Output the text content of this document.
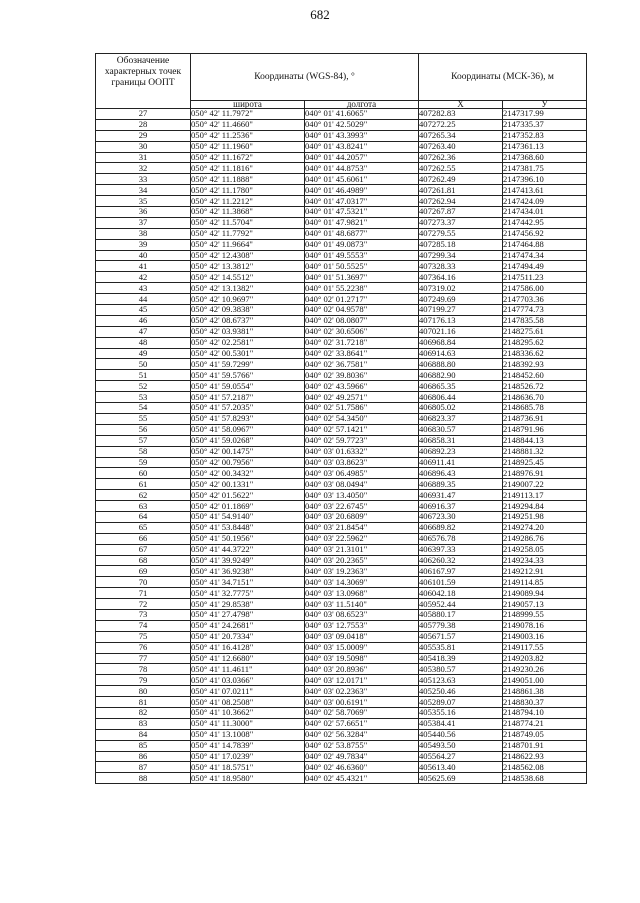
682
Обозначение характерных точек границы ООПТ	Координаты (WGS-84), °		Координаты (МСК-36), м	
	широта	долгота	X	У
27	050° 42' 11.7972"	040° 01' 41.6065"	407282.83	2147317.99
28	050° 42' 11.4660"	040° 01' 42.5029"	407272.25	2147335.37
29	050° 42' 11.2536"	040° 01' 43.3993"	407265.34	2147352.83
30	050° 42' 11.1960"	040° 01' 43.8241"	407263.40	2147361.13
31	050° 42' 11.1672"	040° 01' 44.2057"	407262.36	2147368.60
32	050° 42' 11.1816"	040° 01' 44.8753"	407262.55	2147381.75
33	050° 42' 11.1888"	040° 01' 45.6061"	407262.49	2147396.10
34	050° 42' 11.1780"	040° 01' 46.4989"	407261.81	2147413.61
35	050° 42' 11.2212"	040° 01' 47.0317"	407262.94	2147424.09
36	050° 42' 11.3868"	040° 01' 47.5321"	407267.87	2147434.01
37	050° 42' 11.5704"	040° 01' 47.9821"	407273.37	2147442.95
38	050° 42' 11.7792"	040° 01' 48.6877"	407279.55	2147456.92
39	050° 42' 11.9664"	040° 01' 49.0873"	407285.18	2147464.88
40	050° 42' 12.4308"	040° 01' 49.5553"	407299.34	2147474.34
41	050° 42' 13.3812"	040° 01' 50.5525"	407328.33	2147494.49
42	050° 42' 14.5512"	040° 01' 51.3697"	407364.16	2147511.23
43	050° 42' 13.1382"	040° 01' 55.2238"	407319.02	2147586.00
44	050° 42' 10.9697"	040° 02' 01.2717"	407249.69	2147703.36
45	050° 42' 09.3838"	040° 02' 04.9578"	407199.27	2147774.73
46	050° 42' 08.6737"	040° 02' 08.0807"	407176.13	2147835.58
47	050° 42' 03.9381"	040° 02' 30.6506"	407021.16	2148275.61
48	050° 42' 02.2581"	040° 02' 31.7218"	406968.84	2148295.62
49	050° 42' 00.5301"	040° 02' 33.8641"	406914.63	2148336.62
50	050° 41' 59.7299"	040° 02' 36.7581"	406888.80	2148392.93
51	050° 41' 59.5766"	040° 02' 39.8036"	406882.90	2148452.60
52	050° 41' 59.0554"	040° 02' 43.5966"	406865.35	2148526.72
53	050° 41' 57.2187"	040° 02' 49.2571"	406806.44	2148636.70
54	050° 41' 57.2035"	040° 02' 51.7586"	406805.02	2148685.78
55	050° 41' 57.8293"	040° 02' 54.3450"	406823.37	2148736.91
56	050° 41' 58.0967"	040° 02' 57.1421"	406830.57	2148791.96
57	050° 41' 59.0268"	040° 02' 59.7723"	406858.31	2148844.13
58	050° 42' 00.1475"	040° 03' 01.6332"	406892.23	2148881.32
59	050° 42' 00.7956"	040° 03' 03.8623"	406911.41	2148925.45
60	050° 42' 00.3432"	040° 03' 06.4985"	406896.43	2148976.91
61	050° 42' 00.1331"	040° 03' 08.0494"	406889.35	2149007.22
62	050° 42' 01.5622"	040° 03' 13.4050"	406931.47	2149113.17
63	050° 42' 01.1869"	040° 03' 22.6745"	406916.37	2149294.84
64	050° 41' 54.9140"	040° 03' 20.6809"	406723.30	2149251.98
65	050° 41' 53.8448"	040° 03' 21.8454"	406689.82	2149274.20
66	050° 41' 50.1956"	040° 03' 22.5962"	406576.78	2149286.76
67	050° 41' 44.3722"	040° 03' 21.3101"	406397.33	2149258.05
68	050° 41' 39.9249"	040° 03' 20.2365"	406260.32	2149234.33
69	050° 41' 36.9238"	040° 03' 19.2363"	406167.97	2149212.91
70	050° 41' 34.7151"	040° 03' 14.3069"	406101.59	2149114.85
71	050° 41' 32.7775"	040° 03' 13.0968"	406042.18	2149089.94
72	050° 41' 29.8538"	040° 03' 11.5140"	405952.44	2149057.13
73	050° 41' 27.4798"	040° 03' 08.6523"	405880.17	2148999.55
74	050° 41' 24.2681"	040° 03' 12.7553"	405779.38	2149078.16
75	050° 41' 20.7334"	040° 03' 09.0418"	405671.57	2149003.16
76	050° 41' 16.4128"	040° 03' 15.0009"	405535.81	2149117.55
77	050° 41' 12.6680"	040° 03' 19.5098"	405418.39	2149203.82
78	050° 41' 11.4611"	040° 03' 20.8936"	405380.57	2149230.26
79	050° 41' 03.0366"	040° 03' 12.0171"	405123.63	2149051.00
80	050° 41' 07.0211"	040° 03' 02.2363"	405250.46	2148861.38
81	050° 41' 08.2508"	040° 03' 00.6191"	405289.07	2148830.37
82	050° 41' 10.3662"	040° 02' 58.7069"	405355.16	2148794.10
83	050° 41' 11.3000"	040° 02' 57.6651"	405384.41	2148774.21
84	050° 41' 13.1008"	040° 02' 56.3284"	405440.56	2148749.05
85	050° 41' 14.7839"	040° 02' 53.8755"	405493.50	2148701.91
86	050° 41' 17.0239"	040° 02' 49.7834"	405564.27	2148622.93
87	050° 41' 18.5751"	040° 02' 46.6360"	405613.40	2148562.08
88	050° 41' 18.9580"	040° 02' 45.4321"	405625.69	2148538.68
